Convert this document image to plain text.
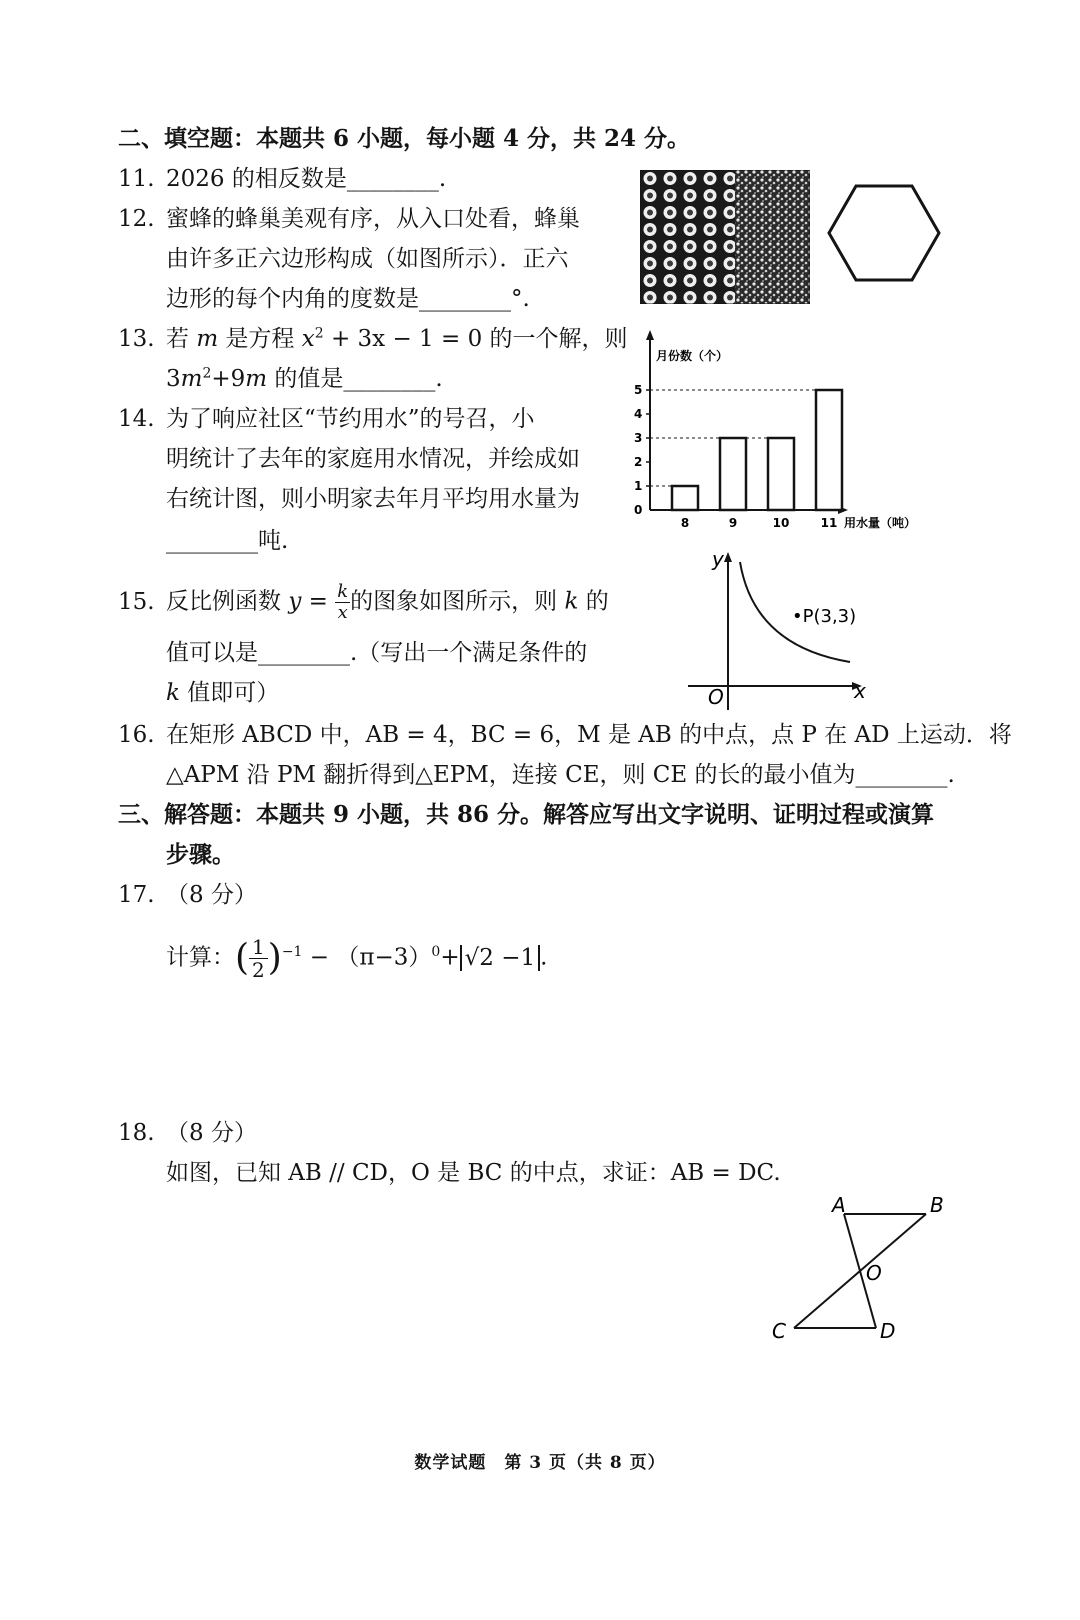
二、填空题：本题共 6 小题，每小题 4 分，共 24 分。
11. 2026 的相反数是________.
12. 蜜蜂的蜂巢美观有序，从入口处看，蜂巢
由许多正六边形构成（如图所示）．正六
边形的每个内角的度数是________°.
13. 若 m 是方程 $x^2 + 3x - 1 = 0$ 的一个解，则
$3m^2+9m$ 的值是________.
14. 为了响应社区“节约用水”的号召，小
明统计了去年的家庭用水情况，并绘成如
右统计图，则小明家去年月平均用水量为
________吨.
月份数（个）
用水量（吨）
0
1
2
3
4
5
8	9	10	11
15. 反比例函数 $y = \frac{k}{x}$ 的图象如图所示，则 k 的
值可以是________.（写出一个满足条件的
k 值即可）
y
x
O
•P(3,3)
16. 在矩形 ABCD 中，AB = 4，BC = 6，M 是 AB 的中点，点 P 在 AD 上运动．将
△APM 沿 PM 翻折得到△EPM，连接 CE，则 CE 的长的最小值为________.
三、解答题：本题共 9 小题，共 86 分。解答应写出文字说明、证明过程或演算
步骤。
17. （8 分）
计算：( $\frac{1}{2} )^{-1} - (\pi-3)^0+ √2 -1$ .
18. （8 分）
如图，已知 AB // CD，O 是 BC 的中点，求证：AB = DC.
A	B
C	D
O
数学试题　第 3 页（共 8 页）
